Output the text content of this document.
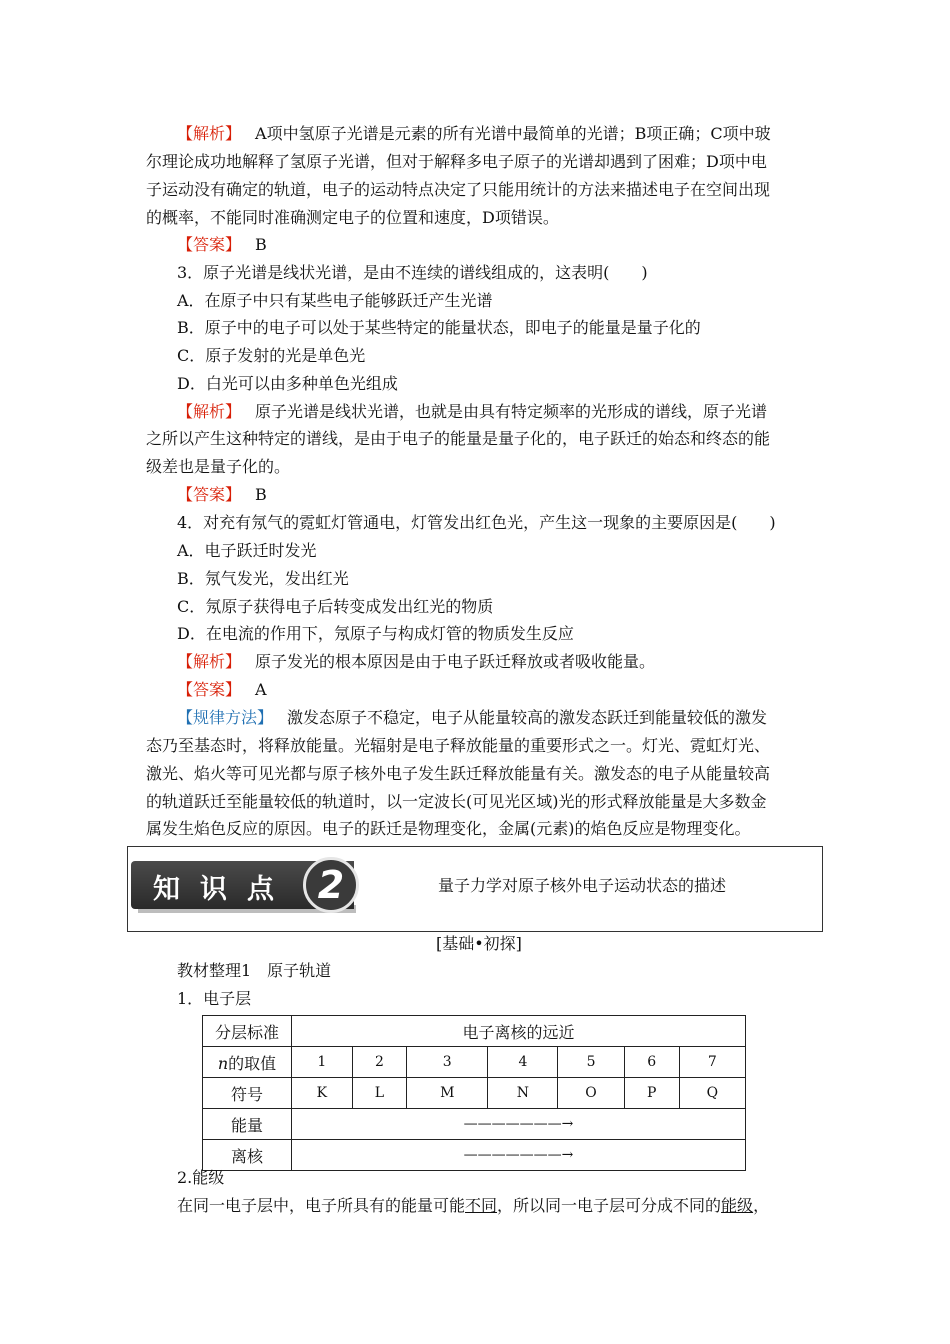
【解析】 A项中氢原子光谱是元素的所有光谱中最简单的光谱；B项正确；C项中玻
尔理论成功地解释了氢原子光谱，但对于解释多电子原子的光谱却遇到了困难；D项中电
子运动没有确定的轨道，电子的运动特点决定了只能用统计的方法来描述电子在空间出现
的概率，不能同时准确测定电子的位置和速度，D项错误。
【答案】 B
3．原子光谱是线状光谱，是由不连续的谱线组成的，这表明(　　)
A．在原子中只有某些电子能够跃迁产生光谱
B．原子中的电子可以处于某些特定的能量状态，即电子的能量是量子化的
C．原子发射的光是单色光
D．白光可以由多种单色光组成
【解析】 原子光谱是线状光谱，也就是由具有特定频率的光形成的谱线，原子光谱
之所以产生这种特定的谱线，是由于电子的能量是量子化的，电子跃迁的始态和终态的能
级差也是量子化的。
【答案】 B
4．对充有氖气的霓虹灯管通电，灯管发出红色光，产生这一现象的主要原因是(　　)
A．电子跃迁时发光
B．氖气发光，发出红光
C．氖原子获得电子后转变成发出红光的物质
D．在电流的作用下，氖原子与构成灯管的物质发生反应
【解析】 原子发光的根本原因是由于电子跃迁释放或者吸收能量。
【答案】 A
【规律方法】 激发态原子不稳定，电子从能量较高的激发态跃迁到能量较低的激发
态乃至基态时，将释放能量。光辐射是电子释放能量的重要形式之一。灯光、霓虹灯光、
激光、焰火等可见光都与原子核外电子发生跃迁释放能量有关。激发态的电子从能量较高
的轨道跃迁至能量较低的轨道时，以一定波长(可见光区域)光的形式释放能量是大多数金
属发生焰色反应的原因。电子的跃迁是物理变化，金属(元素)的焰色反应是物理变化。
知识点 2	量子力学对原子核外电子运动状态的描述
[基础•初探]
教材整理1　原子轨道
1．电子层
分层标准	电子离核的远近						
n的取值	1	2	3	4	5	6	7
符号	K	L	M	N	O	P	Q
能量	———————→						
离核	———————→						
2.能级
在同一电子层中，电子所具有的能量可能不同，所以同一电子层可分成不同的能级，
